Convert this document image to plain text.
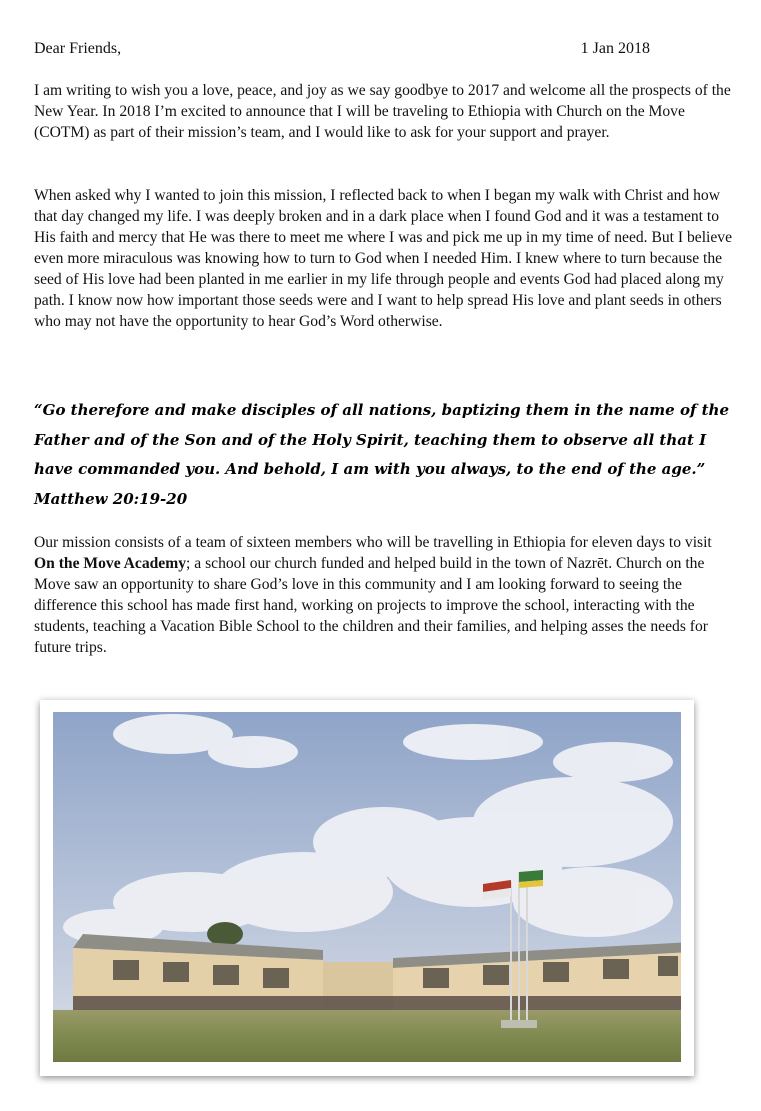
Dear Friends,	1 Jan 2018

I am writing to wish you a love, peace, and joy as we say goodbye to 2017 and welcome all the prospects of the New Year. In 2018 I’m excited to announce that I will be traveling to Ethiopia with Church on the Move (COTM) as part of their mission’s team, and I would like to ask for your support and prayer.

When asked why I wanted to join this mission, I reflected back to when I began my walk with Christ and how that day changed my life. I was deeply broken and in a dark place when I found God and it was a testament to His faith and mercy that He was there to meet me where I was and pick me up in my time of need. But I believe even more miraculous was knowing how to turn to God when I needed Him. I knew where to turn because the seed of His love had been planted in me earlier in my life through people and events God had placed along my path. I know now how important those seeds were and I want to help spread His love and plant seeds in others who may not have the opportunity to hear God’s Word otherwise.

“Go therefore and make disciples of all nations, baptizing them in the name of the Father and of the Son and of the Holy Spirit, teaching them to observe all that I have commanded you. And behold, I am with you always, to the end of the age.” Matthew 20:19-20

Our mission consists of a team of sixteen members who will be travelling in Ethiopia for eleven days to visit On the Move Academy; a school our church funded and helped build in the town of Nazrēt. Church on the Move saw an opportunity to share God’s love in this community and I am looking forward to seeing the difference this school has made first hand, working on projects to improve the school, interacting with the students, teaching a Vacation Bible School to the children and their families, and helping asses the needs for future trips.
